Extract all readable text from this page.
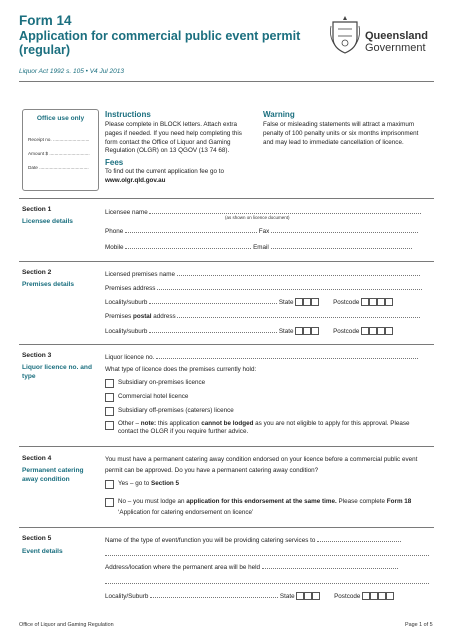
Form 14
Application for commercial public event permit (regular)
Liquor Act 1992 s. 105 • V4 Jul 2013
Queensland
Government
Office use only
Receipt no. ............................
Amount $ ...............................
Date ......................................
Instructions
Please complete in BLOCK letters. Attach extra pages if needed. If you need help completing this form contact the Office of Liquor and Gaming Regulation (OLGR) on 13 QGOV (13 74 68).
Fees
To find out the current application fee go to
www.olgr.qld.gov.au
Warning
False or misleading statements will attract a maximum penalty of 100 penalty units or six months imprisonment and may lead to immediate cancellation of licence.
Section 1
Licensee details
Licensee name
(as shown on licence document)
Phone	Fax
Mobile	Email
Section 2
Premises details
Licensed premises name
Premises address
Locality/suburb	State	Postcode
Premises postal address
Locality/suburb	State	Postcode
Section 3
Liquor licence no. and type
Liquor licence no.
What type of licence does the premises currently hold:
Subsidiary on-premises licence
Commercial hotel licence
Subsidiary off-premises (caterers) licence
Other – note: this application cannot be lodged as you are not eligible to apply for this approval. Please contact the OLGR if you require further advice.
Section 4
Permanent catering away condition
You must have a permanent catering away condition endorsed on your licence before a commercial public event permit can be approved. Do you have a permanent catering away condition?
Yes – go to Section 5
No – you must lodge an application for this endorsement at the same time. Please complete Form 18 ‘Application for catering endorsement on licence’
Section 5
Event details
Name of the type of event/function you will be providing catering services to
Address/location where the permanent area will be held
Locality/Suburb	State	Postcode
Office of Liquor and Gaming Regulation	Page 1 of 5
